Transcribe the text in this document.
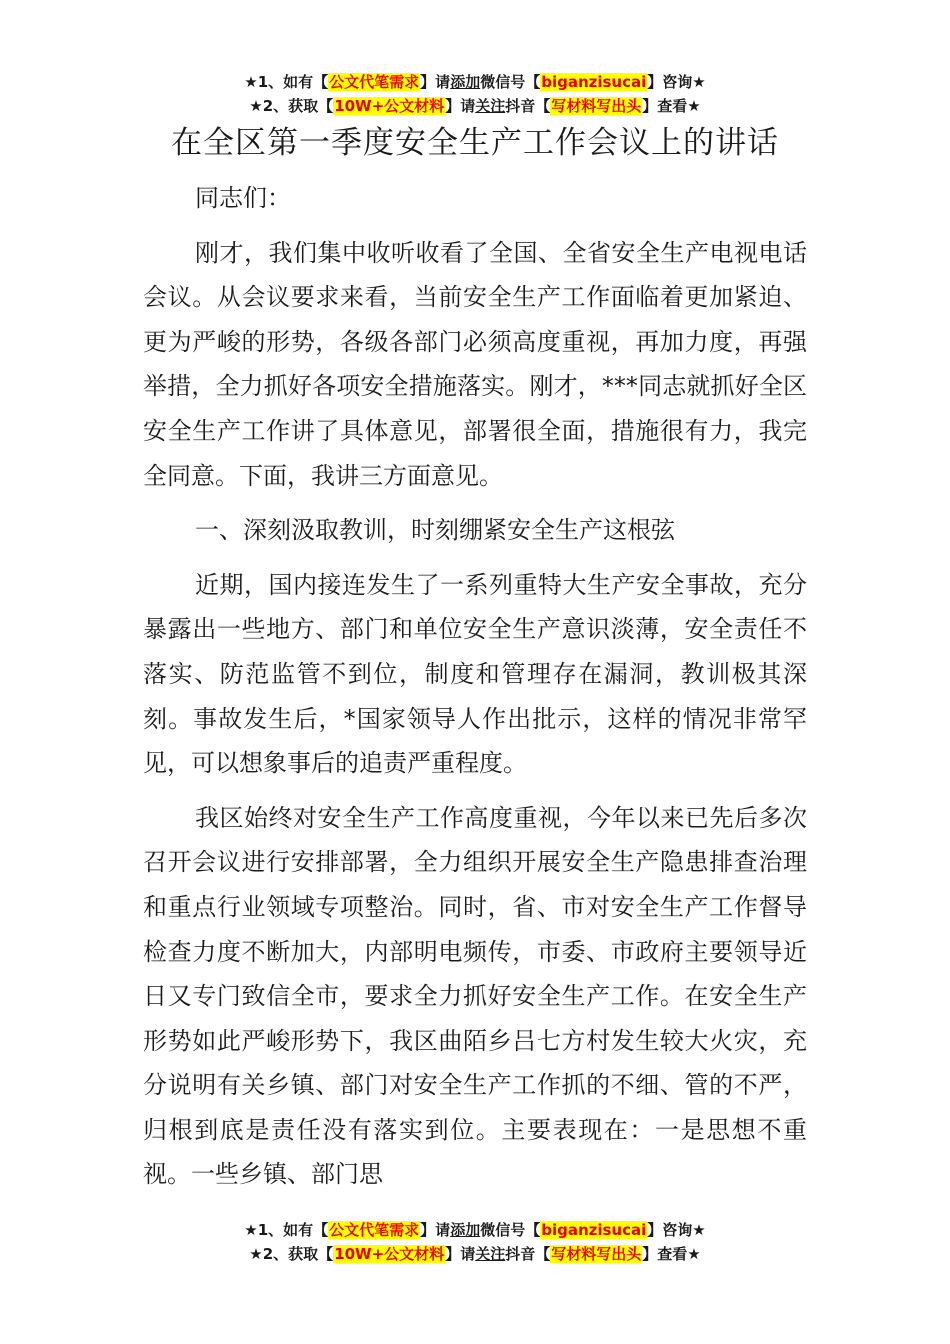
★1、如有【公文代笔需求】请添加微信号【biganzisucai】咨询★
★2、获取【10W+公文材料】请关注抖音【写材料写出头】查看★
在全区第一季度安全生产工作会议上的讲话

同志们：

刚才，我们集中收听收看了全国、全省安全生产电视电话会议。从会议要求来看，当前安全生产工作面临着更加紧迫、更为严峻的形势，各级各部门必须高度重视，再加力度，再强举措，全力抓好各项安全措施落实。刚才，***同志就抓好全区安全生产工作讲了具体意见，部署很全面，措施很有力，我完全同意。下面，我讲三方面意见。

一、深刻汲取教训，时刻绷紧安全生产这根弦

近期，国内接连发生了一系列重特大生产安全事故，充分暴露出一些地方、部门和单位安全生产意识淡薄，安全责任不落实、防范监管不到位，制度和管理存在漏洞，教训极其深刻。事故发生后，*国家领导人作出批示，这样的情况非常罕见，可以想象事后的追责严重程度。

我区始终对安全生产工作高度重视，今年以来已先后多次召开会议进行安排部署，全力组织开展安全生产隐患排查治理和重点行业领域专项整治。同时，省、市对安全生产工作督导检查力度不断加大，内部明电频传，市委、市政府主要领导近日又专门致信全市，要求全力抓好安全生产工作。在安全生产形势如此严峻形势下，我区曲陌乡吕七方村发生较大火灾，充分说明有关乡镇、部门对安全生产工作抓的不细、管的不严，归根到底是责任没有落实到位。主要表现在：一是思想不重视。一些乡镇、部门思

★1、如有【公文代笔需求】请添加微信号【biganzisucai】咨询★
★2、获取【10W+公文材料】请关注抖音【写材料写出头】查看★
